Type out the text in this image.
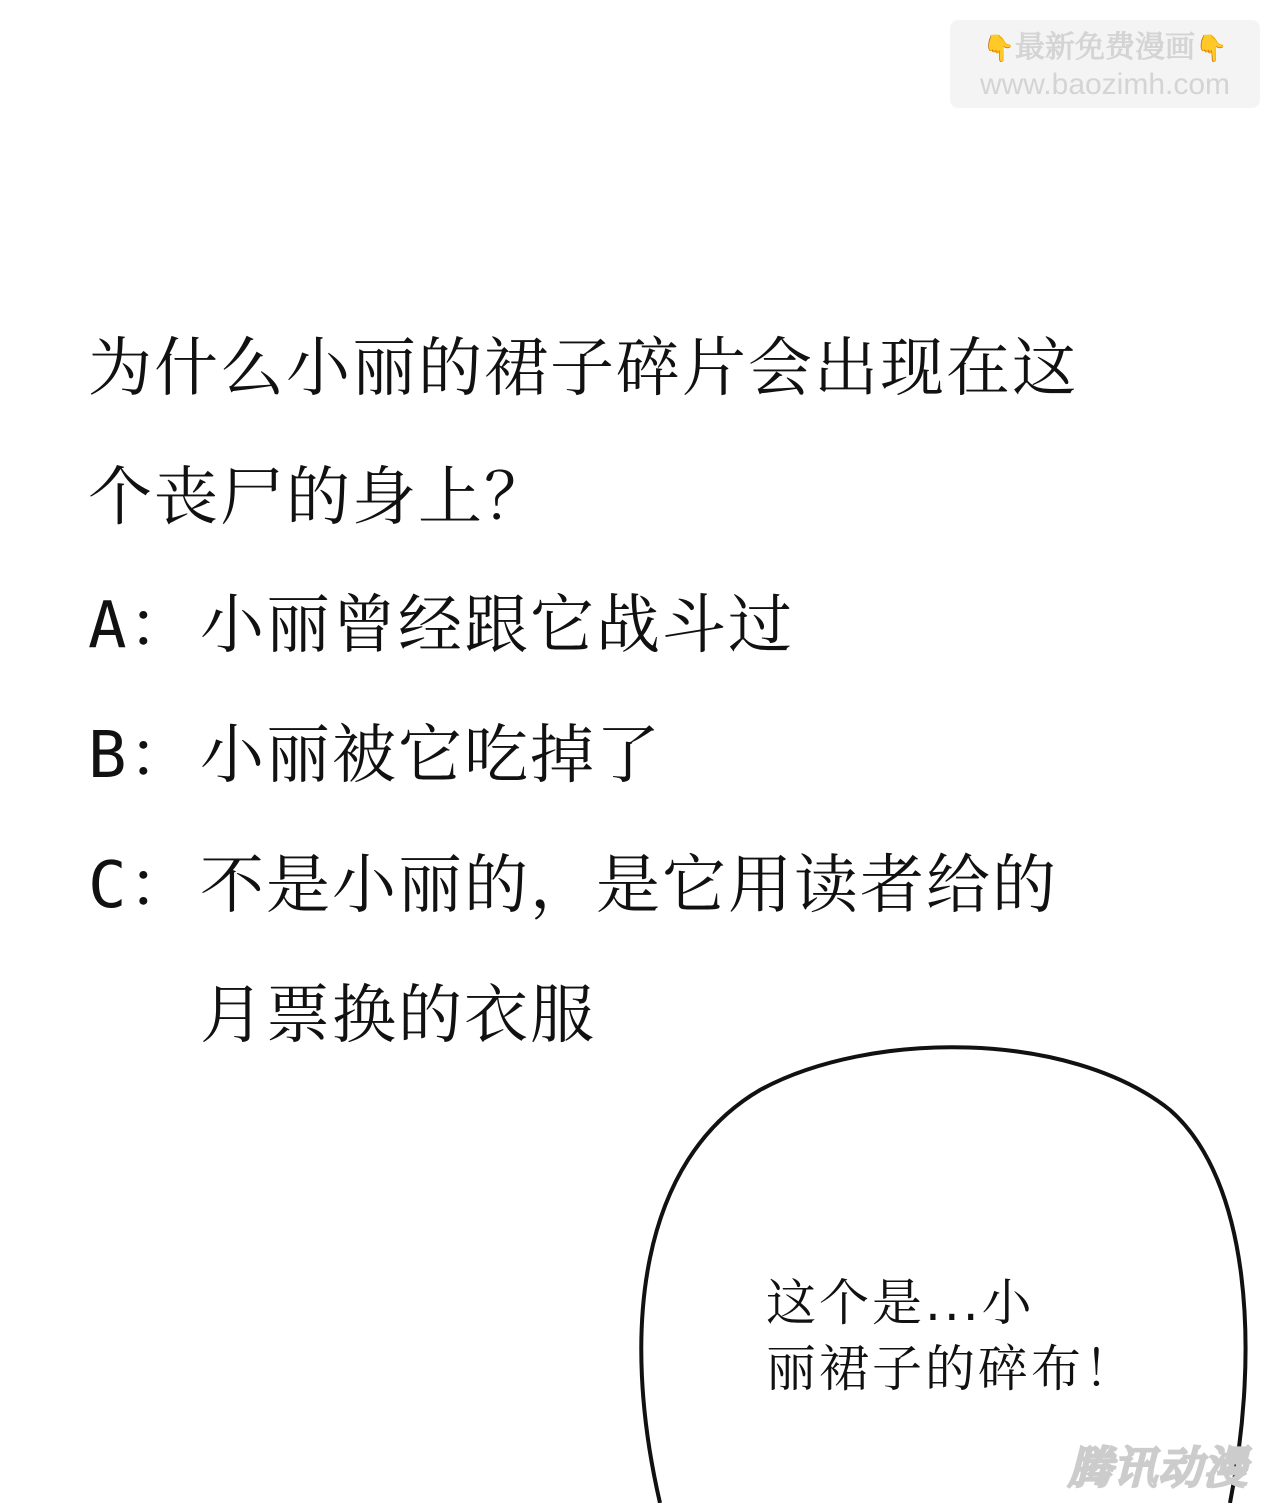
👇最新免费漫画👇
www.baozimh.com
为什么小丽的裙子碎片会出现在这
个丧尸的身上？
A：小丽曾经跟它战斗过
B：小丽被它吃掉了
C：不是小丽的，是它用读者给的
月票换的衣服
这个是...小
丽裙子的碎布！
腾讯动漫
